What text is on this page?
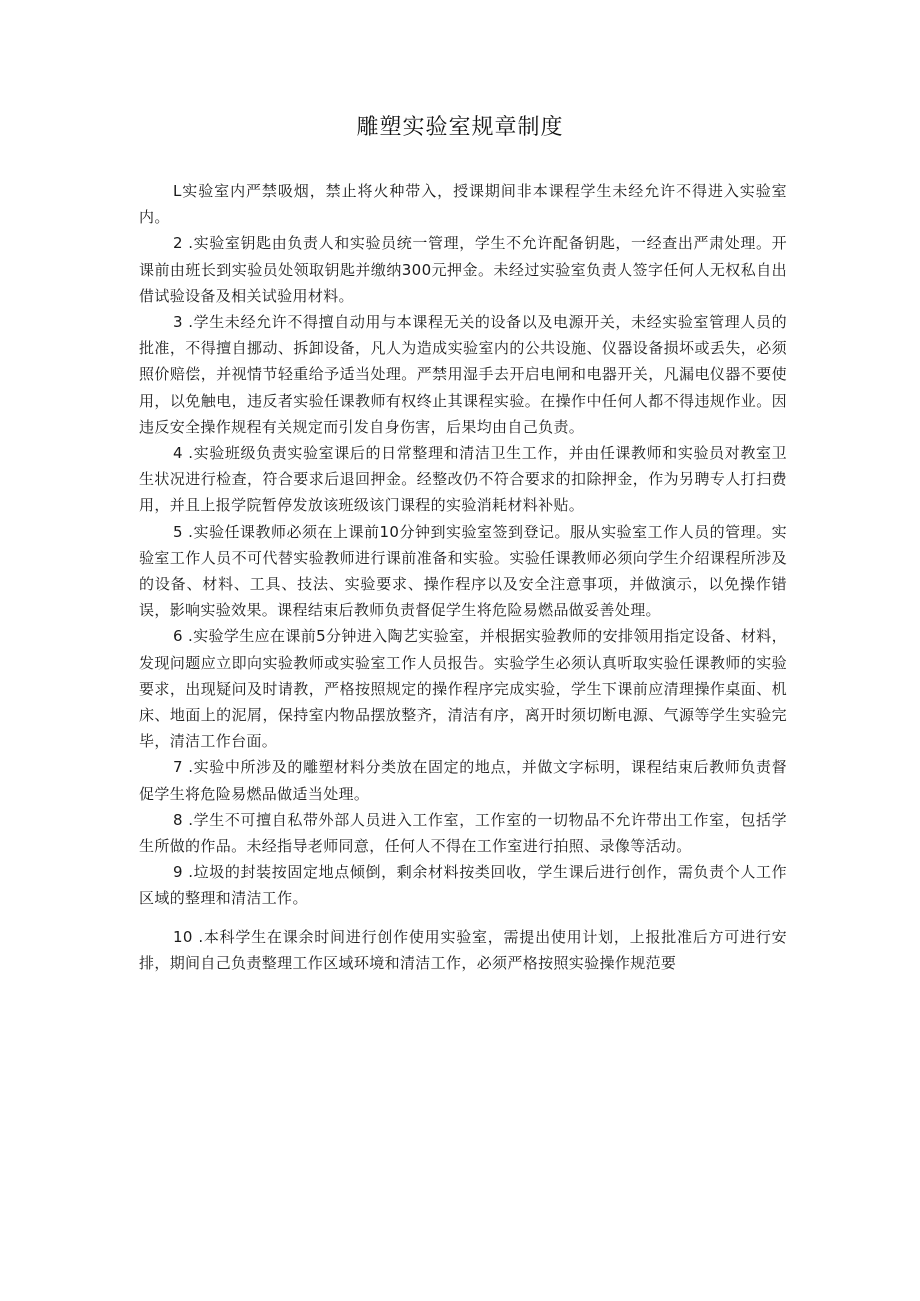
雕塑实验室规章制度

L实验室内严禁吸烟，禁止将火种带入，授课期间非本课程学生未经允许不得进入实验室内。

2 .实验室钥匙由负责人和实验员统一管理，学生不允许配备钥匙，一经查出严肃处理。开课前由班长到实验员处领取钥匙并缴纳300元押金。未经过实验室负责人签字任何人无权私自出借试验设备及相关试验用材料。

3 .学生未经允许不得擅自动用与本课程无关的设备以及电源开关，未经实验室管理人员的批准，不得擅自挪动、拆卸设备，凡人为造成实验室内的公共设施、仪器设备损坏或丢失，必须照价赔偿，并视情节轻重给予适当处理。严禁用湿手去开启电闸和电器开关，凡漏电仪器不要使用，以免触电，违反者实验任课教师有权终止其课程实验。在操作中任何人都不得违规作业。因违反安全操作规程有关规定而引发自身伤害，后果均由自己负责。

4 .实验班级负责实验室课后的日常整理和清洁卫生工作，并由任课教师和实验员对教室卫生状况进行检查，符合要求后退回押金。经整改仍不符合要求的扣除押金，作为另聘专人打扫费用，并且上报学院暂停发放该班级该门课程的实验消耗材料补贴。

5 .实验任课教师必须在上课前10分钟到实验室签到登记。服从实验室工作人员的管理。实验室工作人员不可代替实验教师进行课前准备和实验。实验任课教师必须向学生介绍课程所涉及的设备、材料、工具、技法、实验要求、操作程序以及安全注意事项，并做演示，以免操作错误，影响实验效果。课程结束后教师负责督促学生将危险易燃品做妥善处理。

6 .实验学生应在课前5分钟进入陶艺实验室，并根据实验教师的安排领用指定设备、材料，发现问题应立即向实验教师或实验室工作人员报告。实验学生必须认真听取实验任课教师的实验要求，出现疑问及时请教，严格按照规定的操作程序完成实验，学生下课前应清理操作桌面、机床、地面上的泥屑，保持室内物品摆放整齐，清洁有序，离开时须切断电源、气源等学生实验完毕，清洁工作台面。

7 .实验中所涉及的雕塑材料分类放在固定的地点，并做文字标明，课程结束后教师负责督促学生将危险易燃品做适当处理。

8 .学生不可擅自私带外部人员进入工作室，工作室的一切物品不允许带出工作室，包括学生所做的作品。未经指导老师同意，任何人不得在工作室进行拍照、录像等活动。

9 .垃圾的封装按固定地点倾倒，剩余材料按类回收，学生课后进行创作，需负责个人工作区域的整理和清洁工作。

10 .本科学生在课余时间进行创作使用实验室，需提出使用计划，上报批准后方可进行安排，期间自己负责整理工作区域环境和清洁工作，必须严格按照实验操作规范要
